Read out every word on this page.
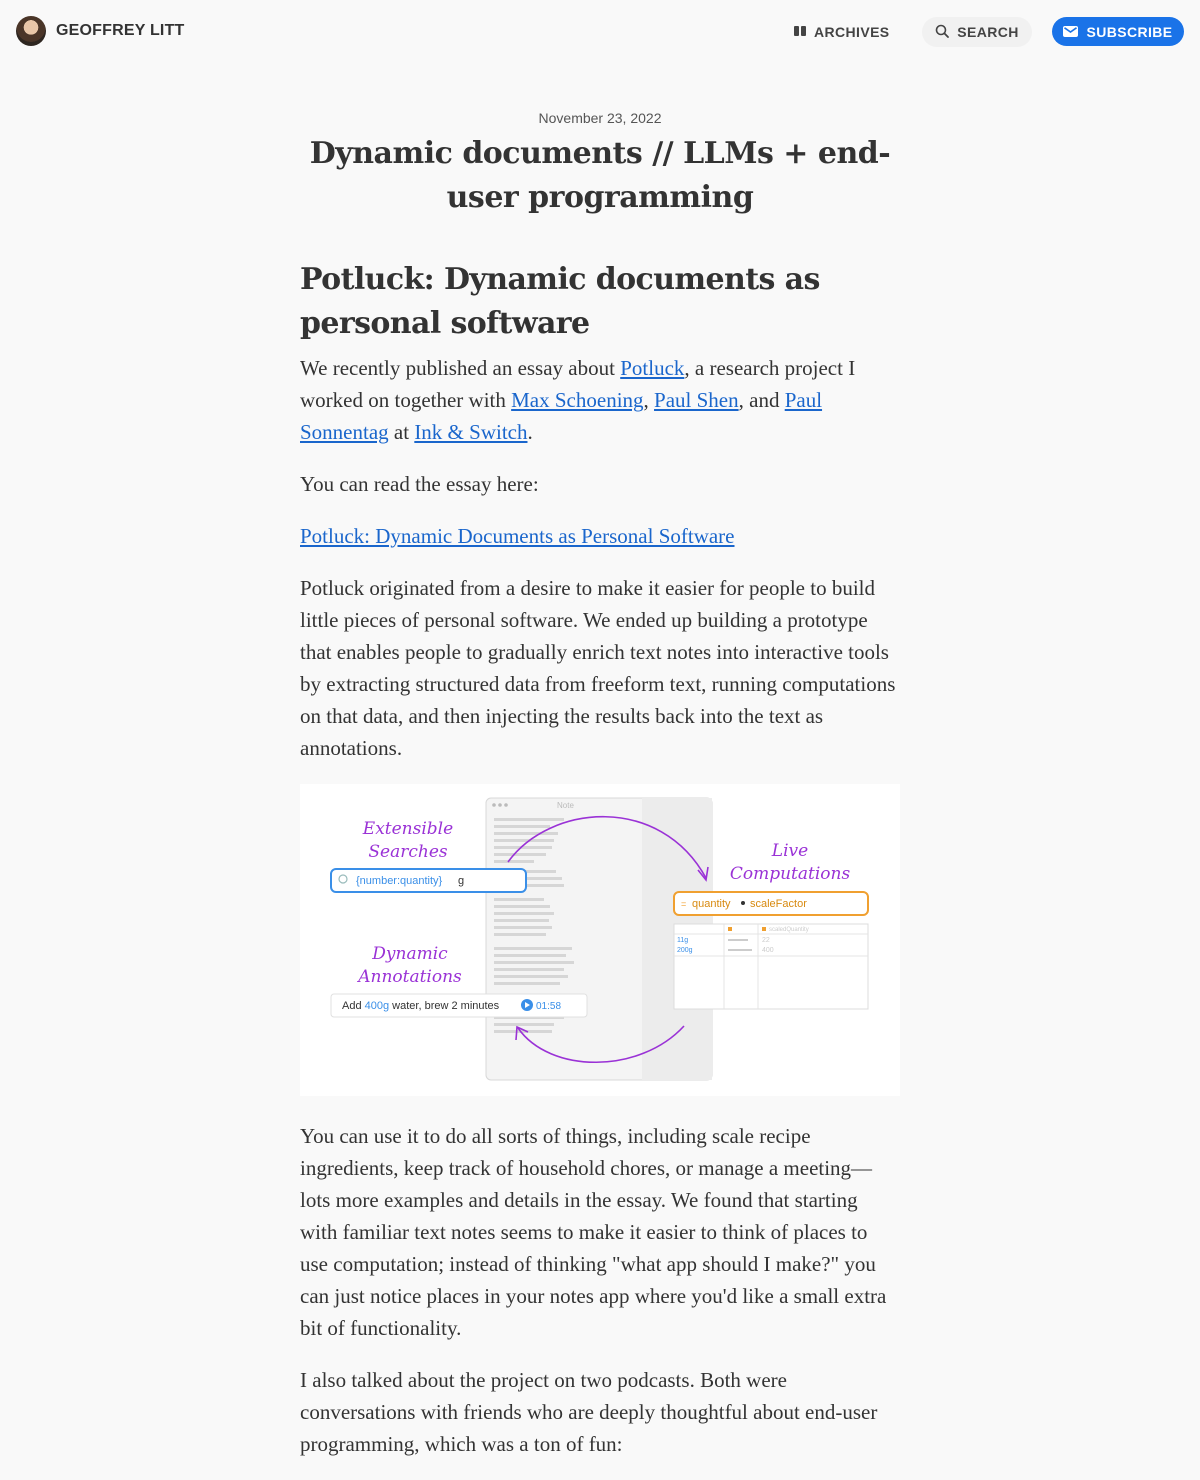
GEOFFREY LITT	ARCHIVES	SEARCH	SUBSCRIBE
November 23, 2022
Dynamic documents // LLMs + end-user programming
Potluck: Dynamic documents as personal software

We recently published an essay about Potluck, a research project I worked on together with Max Schoening, Paul Shen, and Paul Sonnentag at Ink & Switch.

You can read the essay here:

Potluck: Dynamic Documents as Personal Software

Potluck originated from a desire to make it easier for people to build little pieces of personal software. We ended up building a prototype that enables people to gradually enrich text notes into interactive tools by extracting structured data from freeform text, running computations on that data, and then injecting the results back into the text as annotations.

Note
Extensible
Searches
{number:quantity} g
Dynamic
Annotations
Add 400g water, brew 2 minutes	01:58
Live
Computations
= quantity scaleFactor
scaledQuantity
11g
200g
22
400

You can use it to do all sorts of things, including scale recipe ingredients, keep track of household chores, or manage a meeting—lots more examples and details in the essay. We found that starting with familiar text notes seems to make it easier to think of places to use computation; instead of thinking "what app should I make?" you can just notice places in your notes app where you'd like a small extra bit of functionality.

I also talked about the project on two podcasts. Both were conversations with friends who are deeply thoughtful about end-user programming, which was a ton of fun:
